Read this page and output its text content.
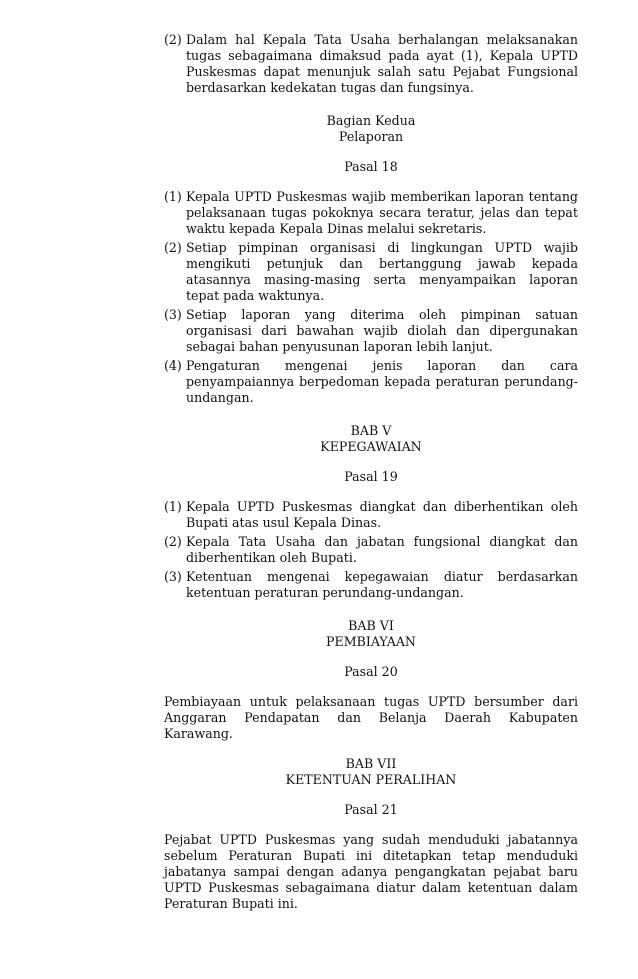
(2) Dalam hal Kepala Tata Usaha berhalangan melaksanakan tugas sebagaimana dimaksud pada ayat (1), Kepala UPTD Puskesmas dapat menunjuk salah satu Pejabat Fungsional berdasarkan kedekatan tugas dan fungsinya.
Bagian Kedua
Pelaporan
Pasal 18
(1) Kepala UPTD Puskesmas wajib memberikan laporan tentang pelaksanaan tugas pokoknya secara teratur, jelas dan tepat waktu kepada Kepala Dinas melalui sekretaris.
(2) Setiap pimpinan organisasi di lingkungan UPTD wajib mengikuti petunjuk dan bertanggung jawab kepada atasannya masing-masing serta menyampaikan laporan tepat pada waktunya.
(3) Setiap laporan yang diterima oleh pimpinan satuan organisasi dari bawahan wajib diolah dan dipergunakan sebagai bahan penyusunan laporan lebih lanjut.
(4) Pengaturan mengenai jenis laporan dan cara penyampaiannya berpedoman kepada peraturan perundang-undangan.
BAB V
KEPEGAWAIAN
Pasal 19
(1) Kepala UPTD Puskesmas diangkat dan diberhentikan oleh Bupati atas usul Kepala Dinas.
(2) Kepala Tata Usaha dan jabatan fungsional diangkat dan diberhentikan oleh Bupati.
(3) Ketentuan mengenai kepegawaian diatur berdasarkan ketentuan peraturan perundang-undangan.
BAB VI
PEMBIAYAAN
Pasal 20
Pembiayaan untuk pelaksanaan tugas UPTD bersumber dari Anggaran Pendapatan dan Belanja Daerah Kabupaten Karawang.
BAB VII
KETENTUAN PERALIHAN
Pasal 21
Pejabat UPTD Puskesmas yang sudah menduduki jabatannya sebelum Peraturan Bupati ini ditetapkan tetap menduduki jabatanya sampai dengan adanya pengangkatan pejabat baru UPTD Puskesmas sebagaimana diatur dalam ketentuan dalam Peraturan Bupati ini.
